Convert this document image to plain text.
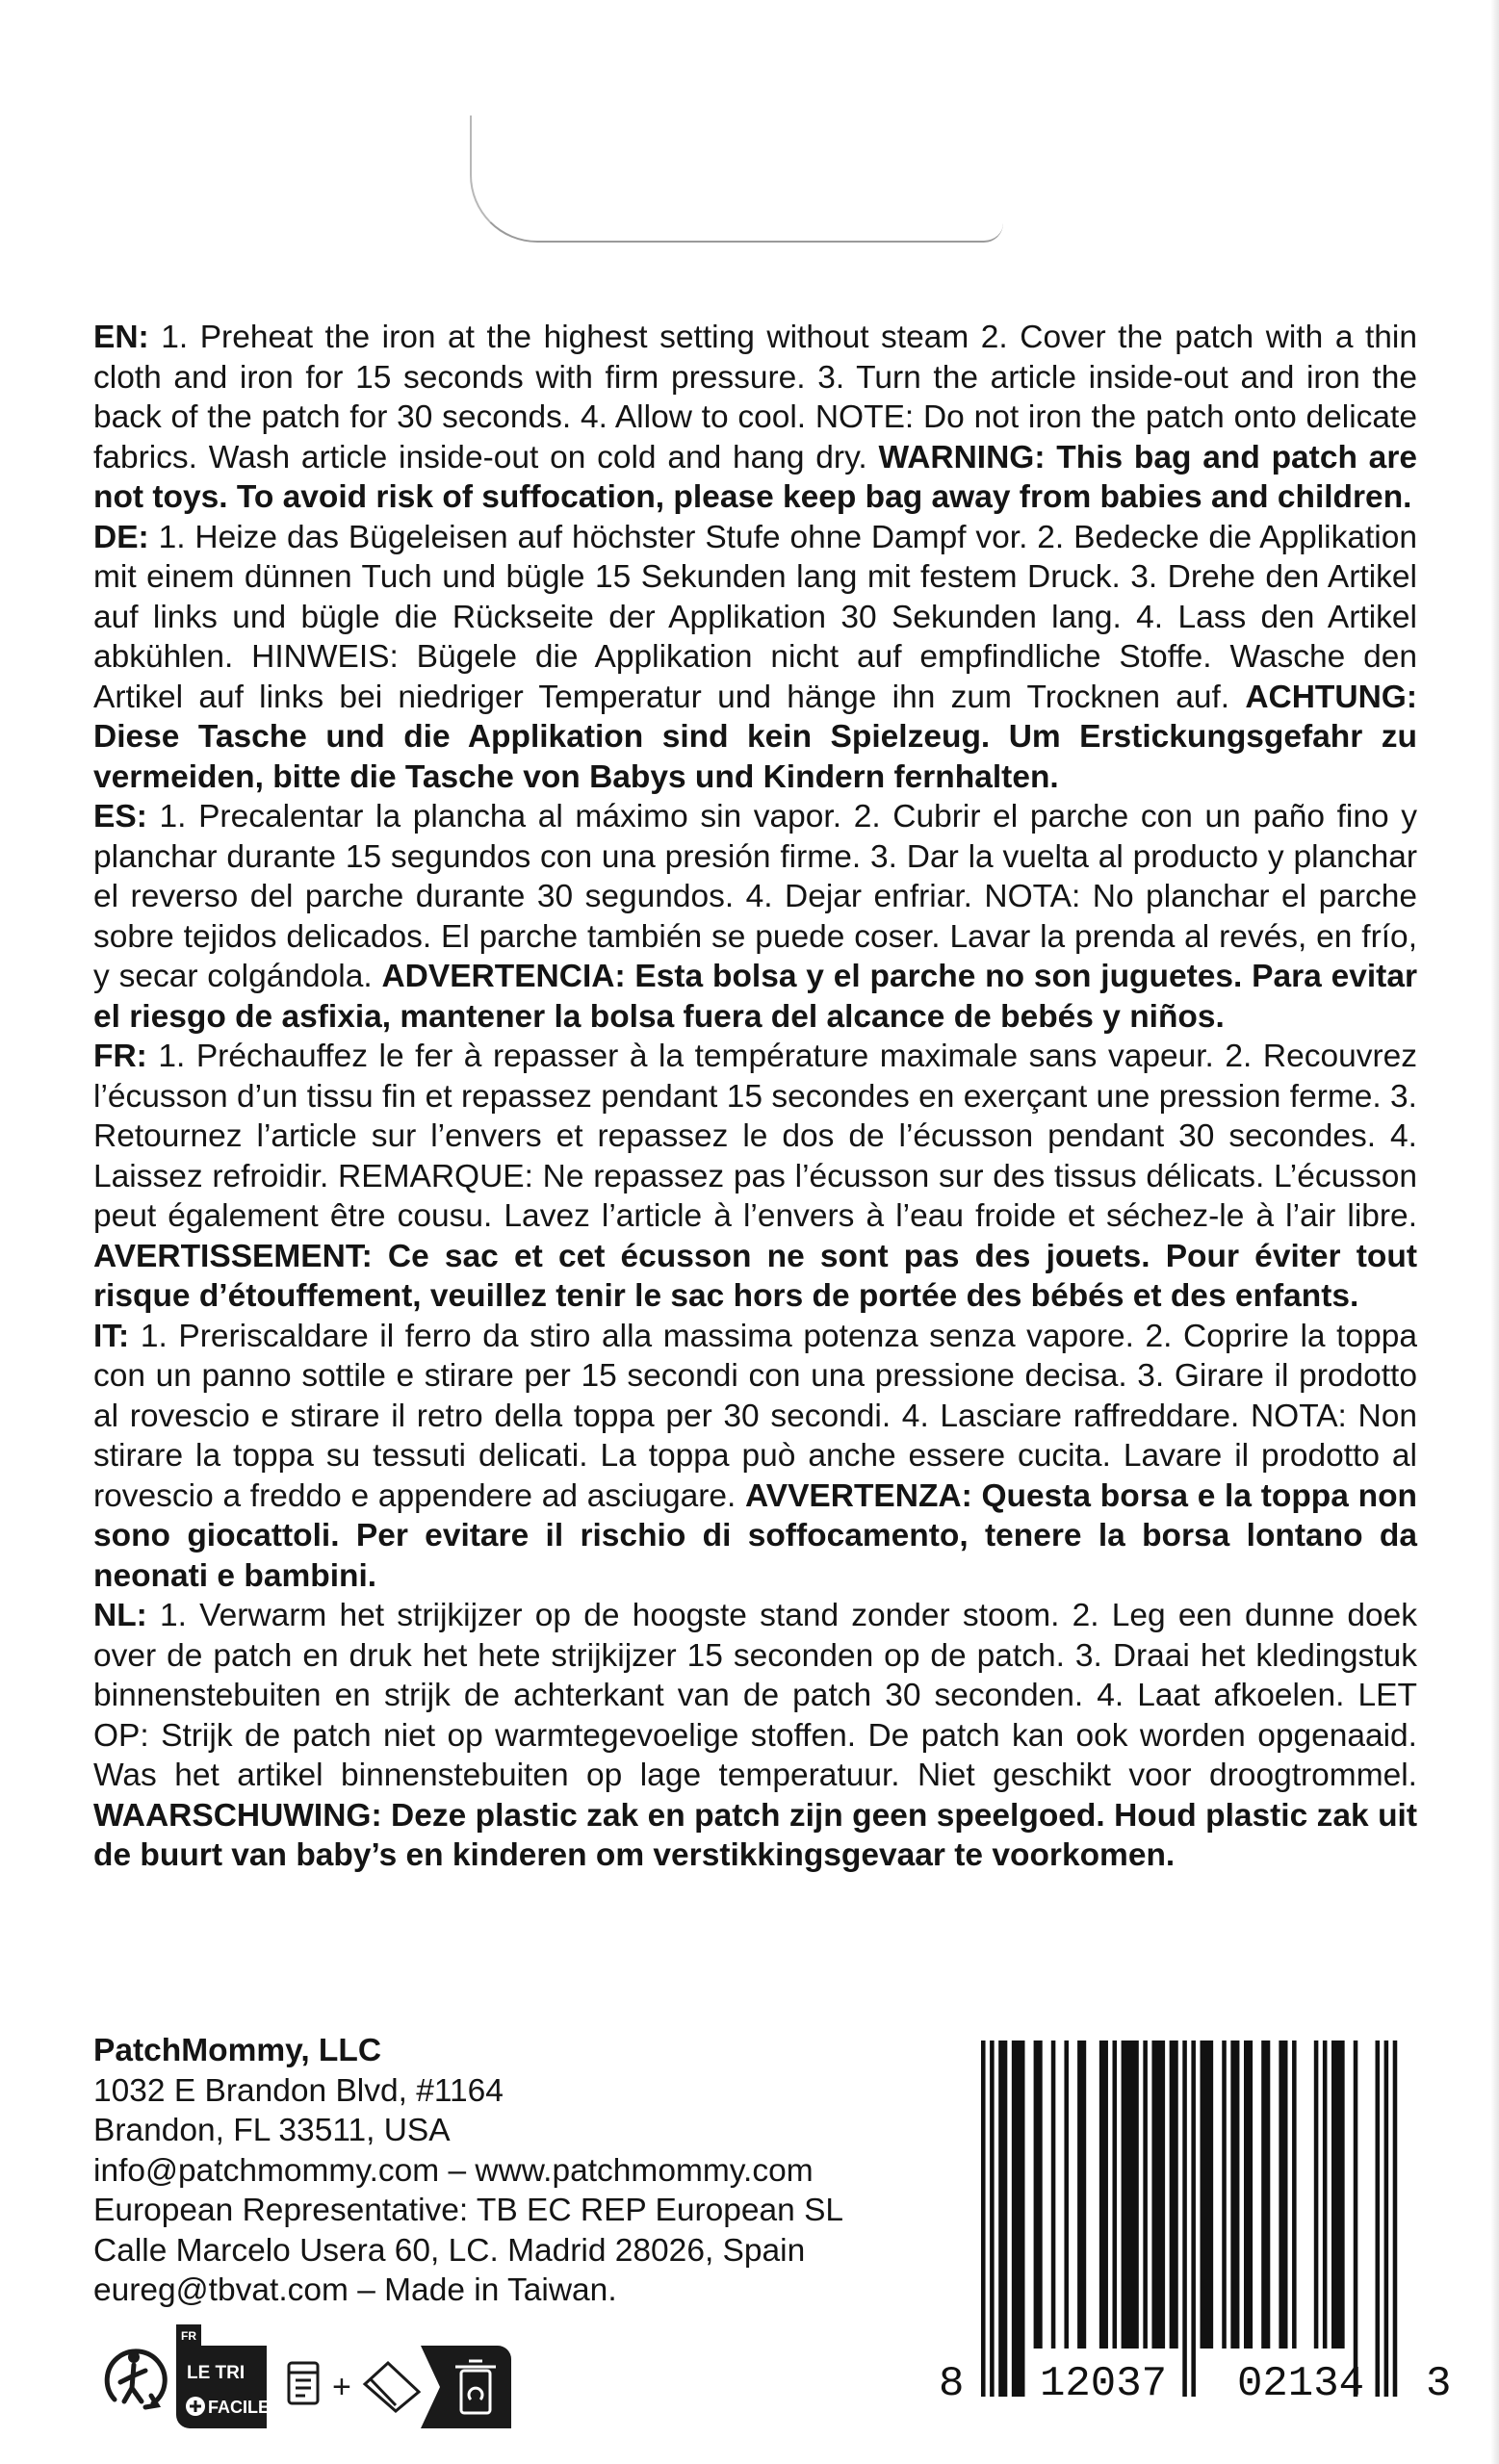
EN: 1. Preheat the iron at the highest setting without steam 2. Cover the patch with a thin cloth and iron for 15 seconds with firm pressure. 3. Turn the article inside-out and iron the back of the patch for 30 seconds. 4. Allow to cool. NOTE: Do not iron the patch onto delicate fabrics. Wash article inside-out on cold and hang dry. WARNING: This bag and patch are not toys. To avoid risk of suffocation, please keep bag away from babies and children.

DE: 1. Heize das Bügeleisen auf höchster Stufe ohne Dampf vor. 2. Bedecke die Applikation mit einem dünnen Tuch und bügle 15 Sekunden lang mit festem Druck. 3. Drehe den Artikel auf links und bügle die Rückseite der Applikation 30 Sekunden lang. 4. Lass den Artikel abkühlen. HINWEIS: Bügele die Applikation nicht auf empfindliche Stoffe. Wasche den Artikel auf links bei niedriger Temperatur und hänge ihn zum Trocknen auf. ACHTUNG: Diese Tasche und die Applikation sind kein Spielzeug. Um Erstickungsgefahr zu vermeiden, bitte die Tasche von Babys und Kindern fernhalten.

ES: 1. Precalentar la plancha al máximo sin vapor. 2. Cubrir el parche con un paño fino y planchar durante 15 segundos con una presión firme. 3. Dar la vuelta al producto y planchar el reverso del parche durante 30 segundos. 4. Dejar enfriar. NOTA: No planchar el parche sobre tejidos delicados. El parche también se puede coser. Lavar la prenda al revés, en frío, y secar colgándola. ADVERTENCIA: Esta bolsa y el parche no son juguetes. Para evitar el riesgo de asfixia, mantener la bolsa fuera del alcance de bebés y niños.

FR: 1. Préchauffez le fer à repasser à la température maximale sans vapeur. 2. Recouvrez l’écusson d’un tissu fin et repassez pendant 15 secondes en exerçant une pression ferme. 3. Retournez l’article sur l’envers et repassez le dos de l’écusson pendant 30 secondes. 4. Laissez refroidir. REMARQUE: Ne repassez pas l’écusson sur des tissus délicats. L’écusson peut également être cousu. Lavez l’article à l’envers à l’eau froide et séchez-le à l’air libre. AVERTISSEMENT: Ce sac et cet écusson ne sont pas des jouets. Pour éviter tout risque d’étouffement, veuillez tenir le sac hors de portée des bébés et des enfants.

IT: 1. Preriscaldare il ferro da stiro alla massima potenza senza vapore. 2. Coprire la toppa con un panno sottile e stirare per 15 secondi con una pressione decisa. 3. Girare il prodotto al rovescio e stirare il retro della toppa per 30 secondi. 4. Lasciare raffreddare. NOTA: Non stirare la toppa su tessuti delicati. La toppa può anche essere cucita. Lavare il prodotto al rovescio a freddo e appendere ad asciugare. AVVERTENZA: Questa borsa e la toppa non sono giocattoli. Per evitare il rischio di soffocamento, tenere la borsa lontano da neonati e bambini.

NL: 1. Verwarm het strijkijzer op de hoogste stand zonder stoom. 2. Leg een dunne doek over de patch en druk het hete strijkijzer 15 seconden op de patch. 3. Draai het kledingstuk binnenstebuiten en strijk de achterkant van de patch 30 seconden. 4. Laat afkoelen. LET OP: Strijk de patch niet op warmtegevoelige stoffen. De patch kan ook worden opgenaaid. Was het artikel binnenstebuiten op lage temperatuur. Niet geschikt voor droogtrommel. WAARSCHUWING: Deze plastic zak en patch zijn geen speelgoed. Houd plastic zak uit de buurt van baby’s en kinderen om verstikkingsgevaar te voorkomen.

PatchMommy, LLC
1032 E Brandon Blvd, #1164
Brandon, FL 33511, USA
info@patchmommy.com – www.patchmommy.com
European Representative: TB EC REP European SL
Calle Marcelo Usera 60, LC. Madrid 28026, Spain
eureg@tbvat.com – Made in Taiwan.
FR
LE TRI
FACILE
+	8 12037 02134 3
